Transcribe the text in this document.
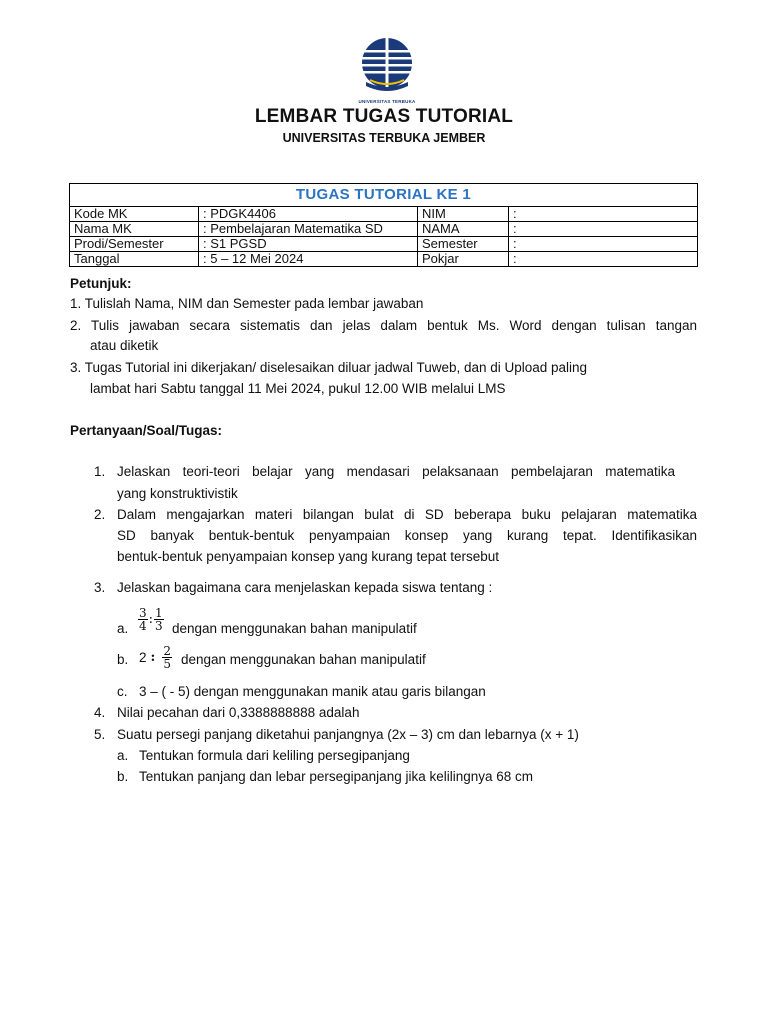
UNIVERSITAS TERBUKA
LEMBAR TUGAS TUTORIAL
UNIVERSITAS TERBUKA JEMBER
TUGAS TUTORIAL KE 1			
Kode MK	: PDGK4406	NIM	:
Nama MK	: Pembelajaran Matematika SD	NAMA	:
Prodi/Semester	: S1 PGSD	Semester	:
Tanggal	: 5 – 12 Mei 2024	Pokjar	:
Petunjuk:
1. Tulislah Nama, NIM dan Semester pada lembar jawaban
2. Tulis jawaban secara sistematis dan jelas dalam bentuk Ms. Word dengan tulisan tangan
atau diketik
3. Tugas Tutorial ini dikerjakan/ diselesaikan diluar jadwal Tuweb, dan di Upload paling
lambat hari Sabtu tanggal 11 Mei 2024, pukul 12.00 WIB melalui LMS
Pertanyaan/Soal/Tugas:
1. Jelaskan teori-teori belajar yang mendasari pelaksanaan pembelajaran matematika
yang konstruktivistik
2. Dalam mengajarkan materi bilangan bulat di SD beberapa buku pelajaran matematika
SD banyak bentuk-bentuk penyampaian konsep yang kurang tepat. Identifikasikan
bentuk-bentuk penyampaian konsep yang kurang tepat tersebut
3. Jelaskan bagaimana cara menjelaskan kepada siswa tentang :
a. $\frac{3}{4}$ : $\frac{1}{3}$ dengan menggunakan bahan manipulatif
b. 2 : $\frac{2}{5}$ dengan menggunakan bahan manipulatif
c. 3 – ( - 5) dengan menggunakan manik atau garis bilangan
4. Nilai pecahan dari 0,3388888888 adalah
5. Suatu persegi panjang diketahui panjangnya (2x – 3) cm dan lebarnya (x + 1)
a. Tentukan formula dari keliling persegipanjang
b. Tentukan panjang dan lebar persegipanjang jika kelilingnya 68 cm
